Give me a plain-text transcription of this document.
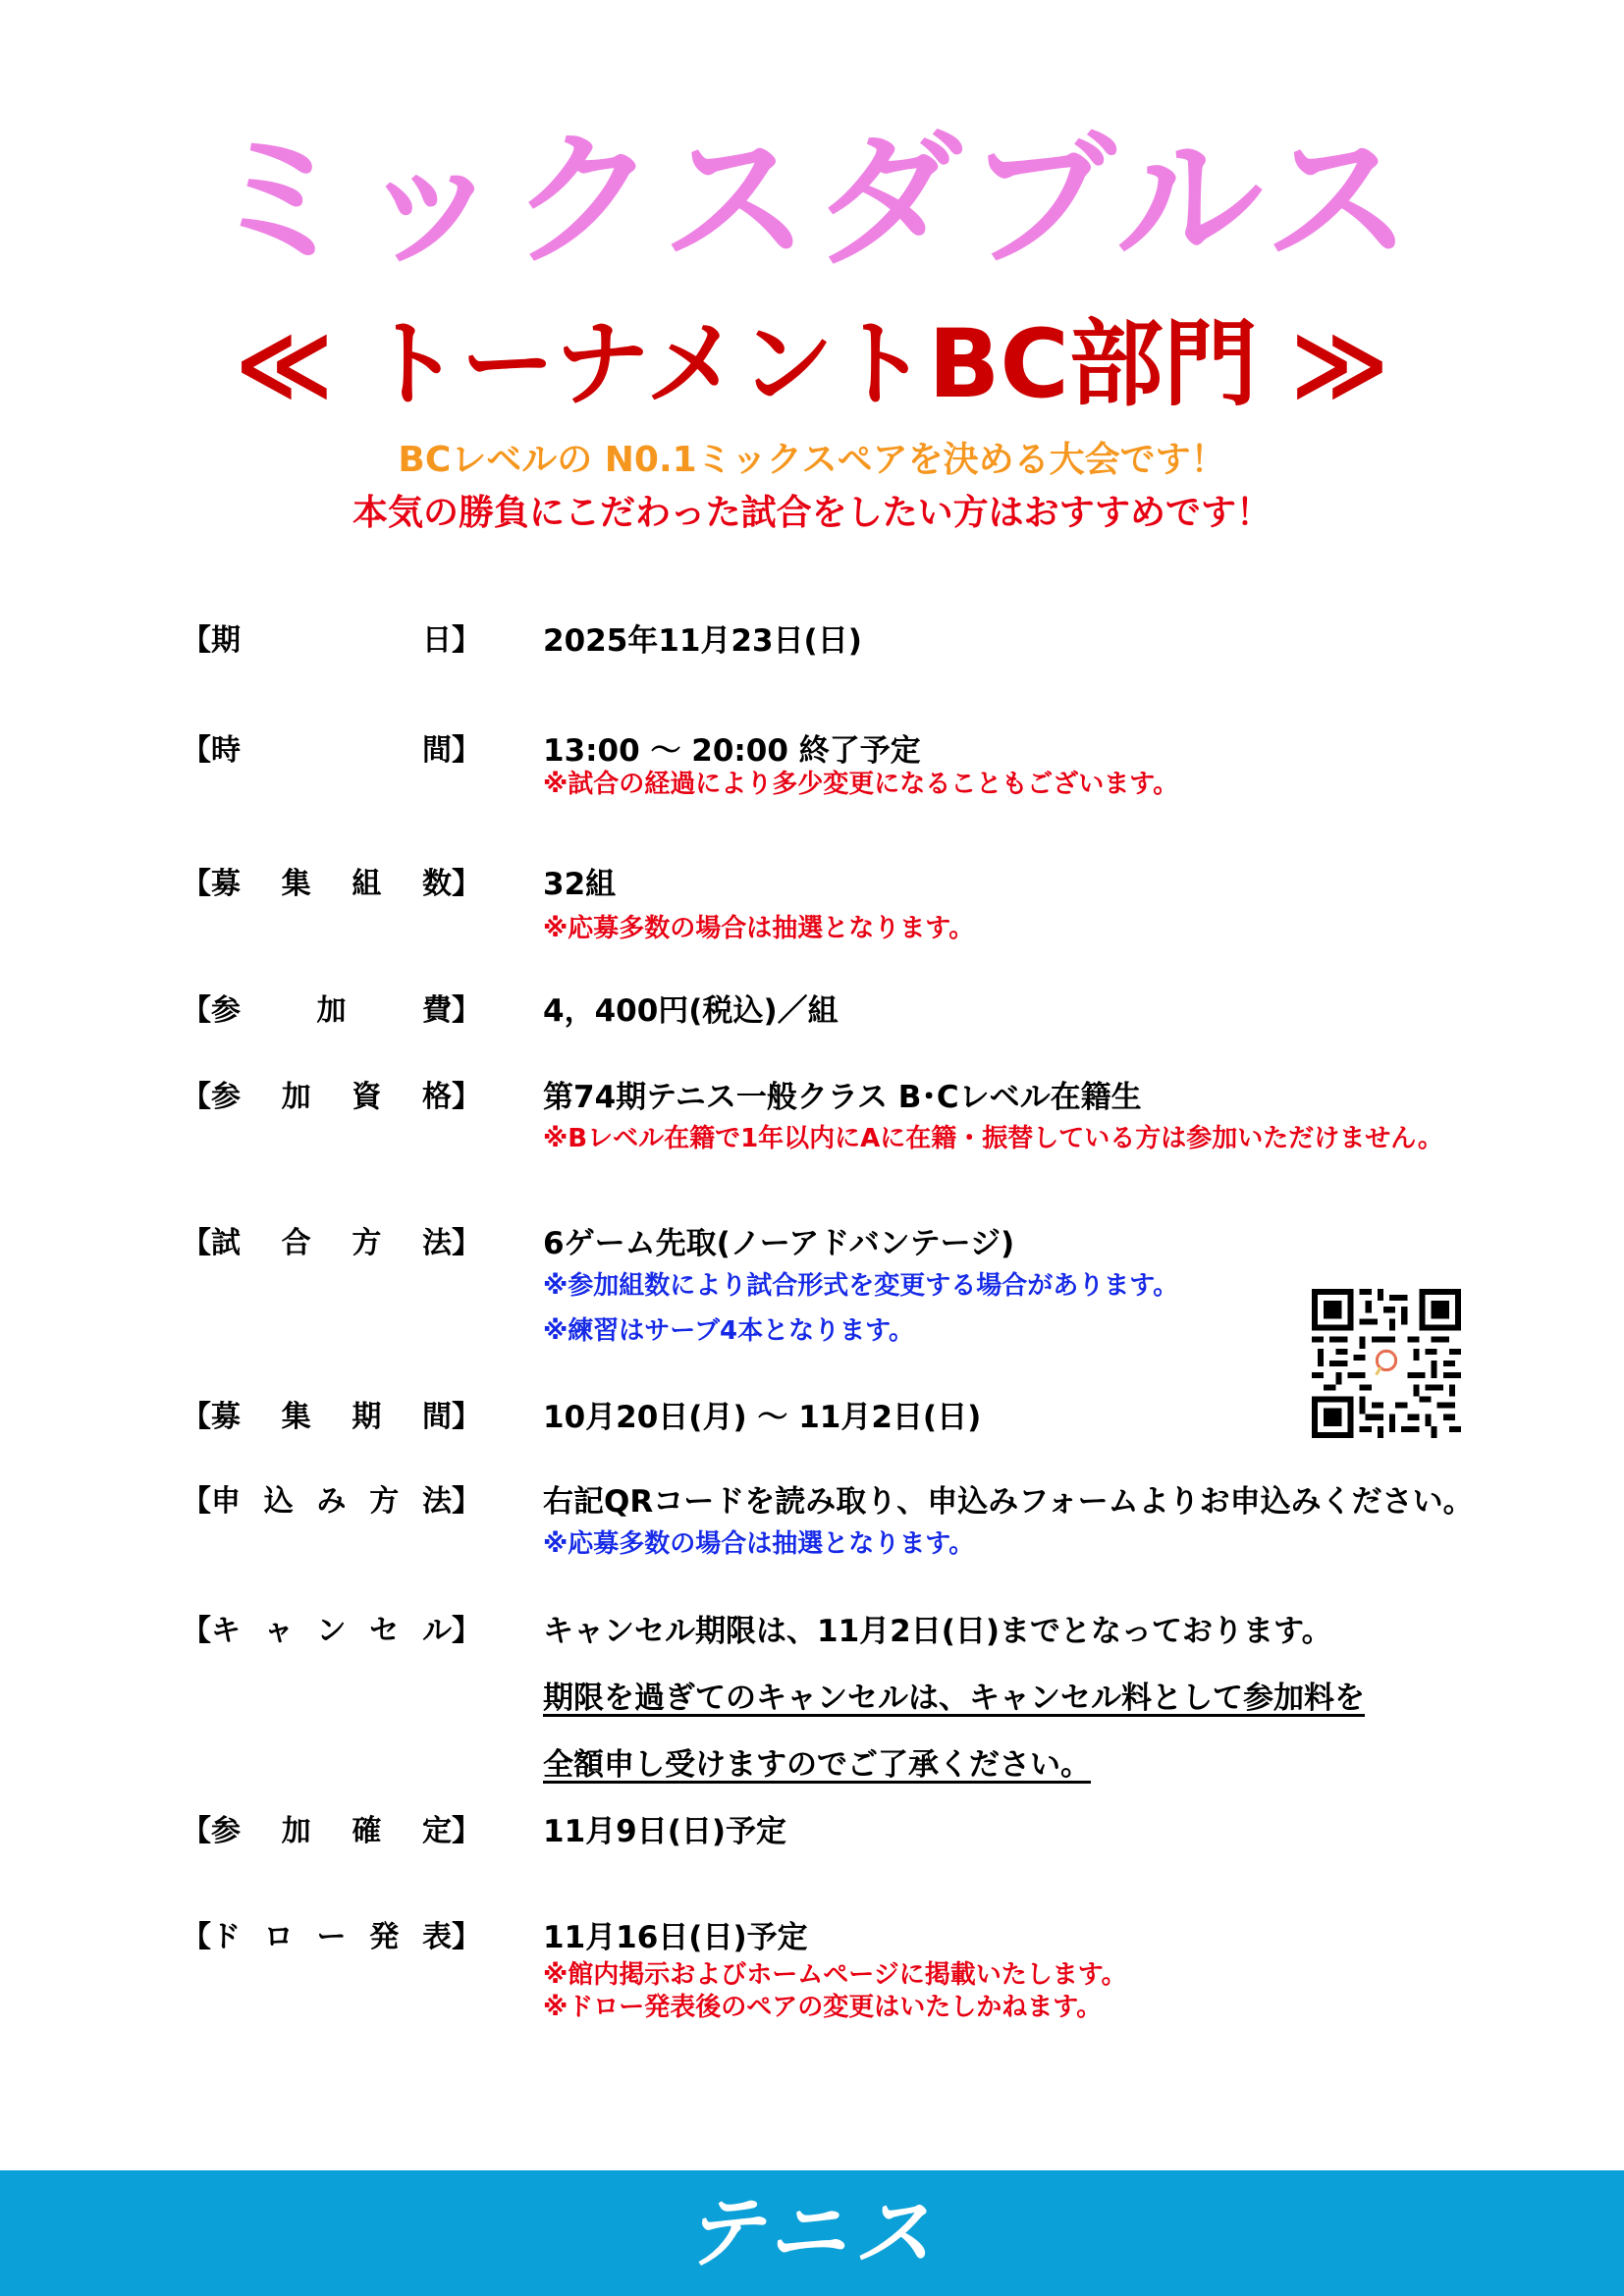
ミックスダブルス
≪ トーナメントBC部門 ≫
BCレベルの N0.1ミックスペアを決める大会です！
本気の勝負にこだわった試合をしたい方はおすすめです！
【期	日】 2025年11月23日(日)
【時	間】 13:00 ～ 20:00 終了予定
※試合の経過により多少変更になることもございます。
【募 集 組 数】 32組
※応募多数の場合は抽選となります。
【参	加	費】 4，400円(税込)／組
【参 加 資 格】 第74期テニス一般クラス B･Cレベル在籍生
※Bレベル在籍で1年以内にAに在籍・振替している方は参加いただけません。
【試 合 方 法】 6ゲーム先取(ノーアドバンテージ)
※参加組数により試合形式を変更する場合があります。
※練習はサーブ4本となります。
【募 集 期 間】 10月20日(月) ～ 11月2日(日)
【申 込 み 方 法】 右記QRコードを読み取り、申込みフォームよりお申込みください。
※応募多数の場合は抽選となります。
【キ ャ ン セ ル】 キャンセル期限は、11月2日(日)までとなっております。
期限を過ぎてのキャンセルは、キャンセル料として参加料を
全額申し受けますのでご了承ください。
【参 加 確 定】 11月9日(日)予定
【ド ロ ー 発 表】 11月16日(日)予定
※館内掲示およびホームページに掲載いたします。
※ドロー発表後のペアの変更はいたしかねます。
テニス
